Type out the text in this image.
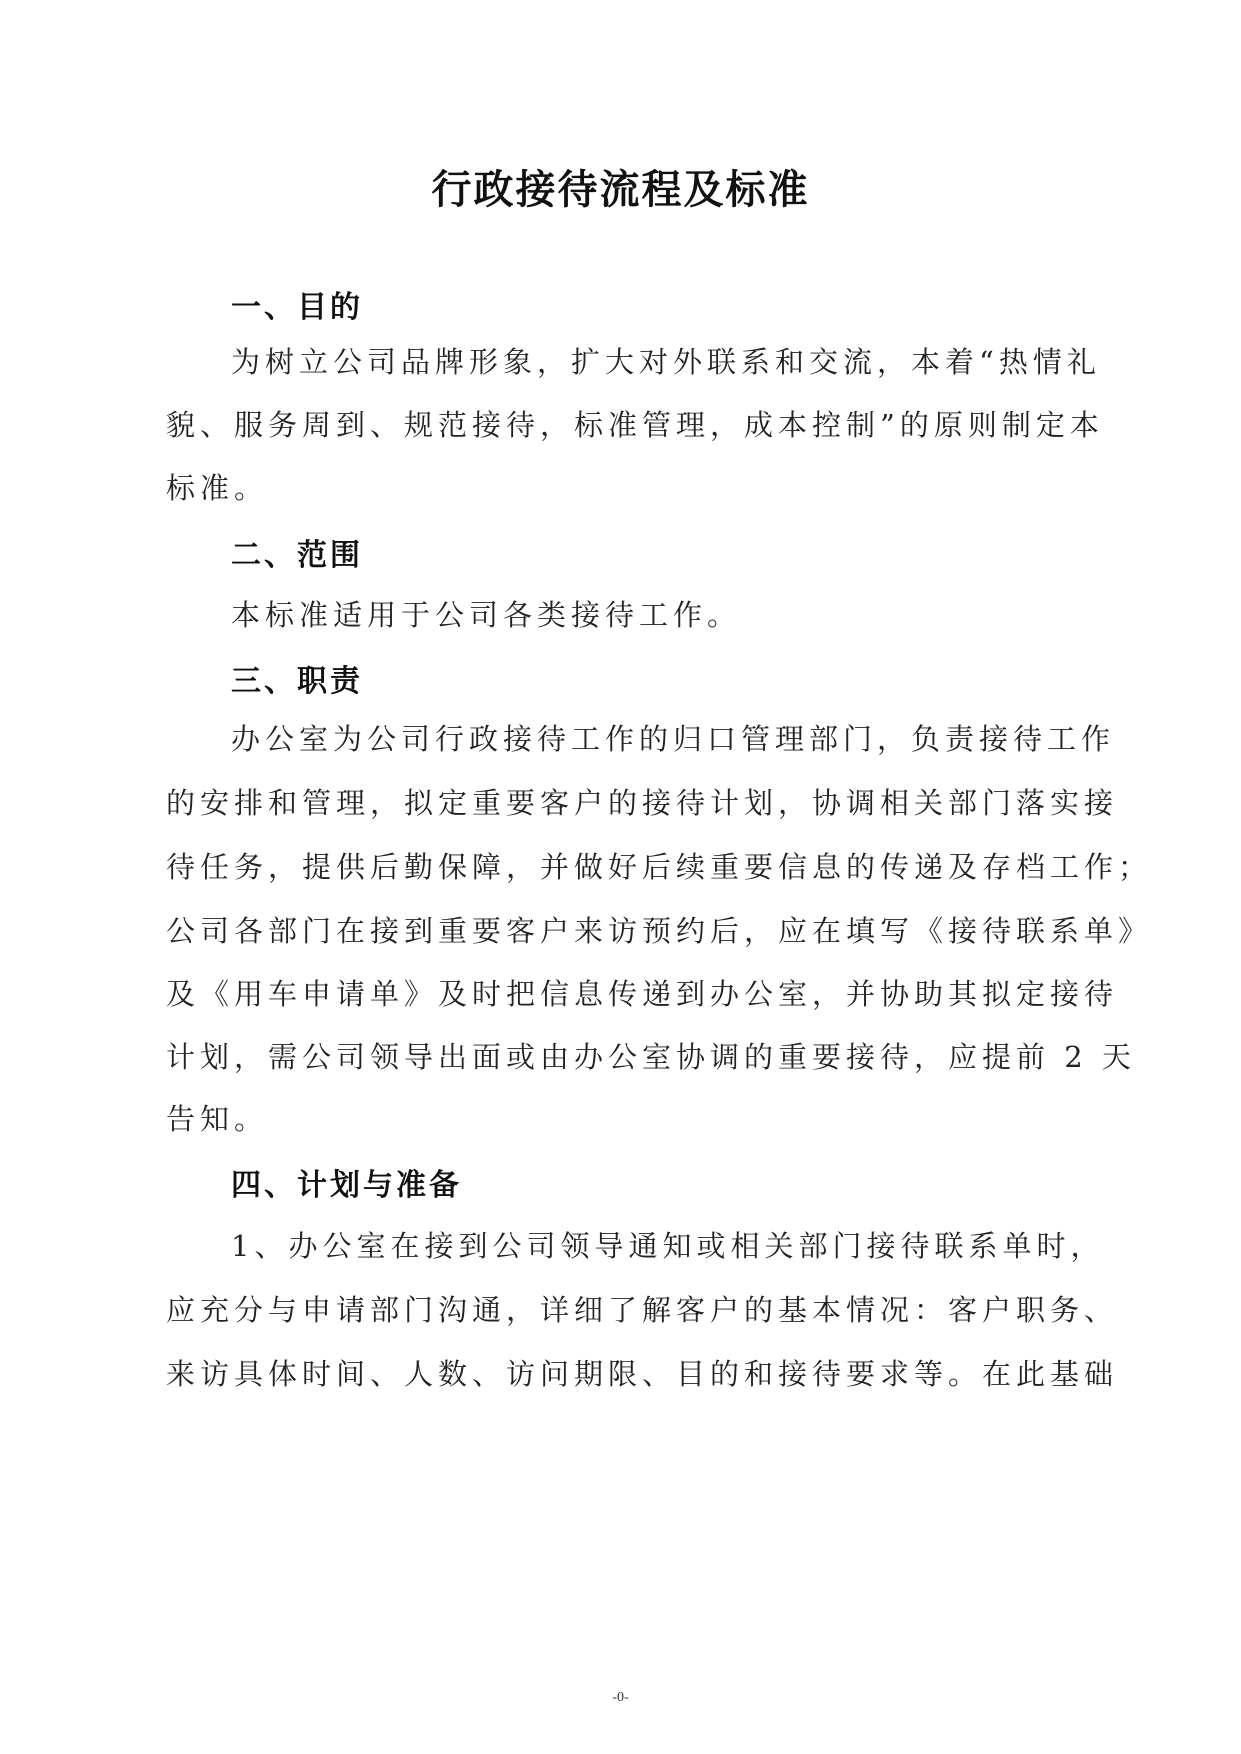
行政接待流程及标准
一、目的
为树立公司品牌形象，扩大对外联系和交流，本着“热情礼
貌、服务周到、规范接待，标准管理，成本控制”的原则制定本
标准。
二、范围
本标准适用于公司各类接待工作。
三、职责
办公室为公司行政接待工作的归口管理部门，负责接待工作
的安排和管理，拟定重要客户的接待计划，协调相关部门落实接
待任务，提供后勤保障，并做好后续重要信息的传递及存档工作；
公司各部门在接到重要客户来访预约后，应在填写《接待联系单》
及《用车申请单》及时把信息传递到办公室，并协助其拟定接待
计划，需公司领导出面或由办公室协调的重要接待，应提前 2 天
告知。
四、计划与准备
1、办公室在接到公司领导通知或相关部门接待联系单时，
应充分与申请部门沟通，详细了解客户的基本情况：客户职务、
来访具体时间、人数、访问期限、目的和接待要求等。在此基础
-0-
